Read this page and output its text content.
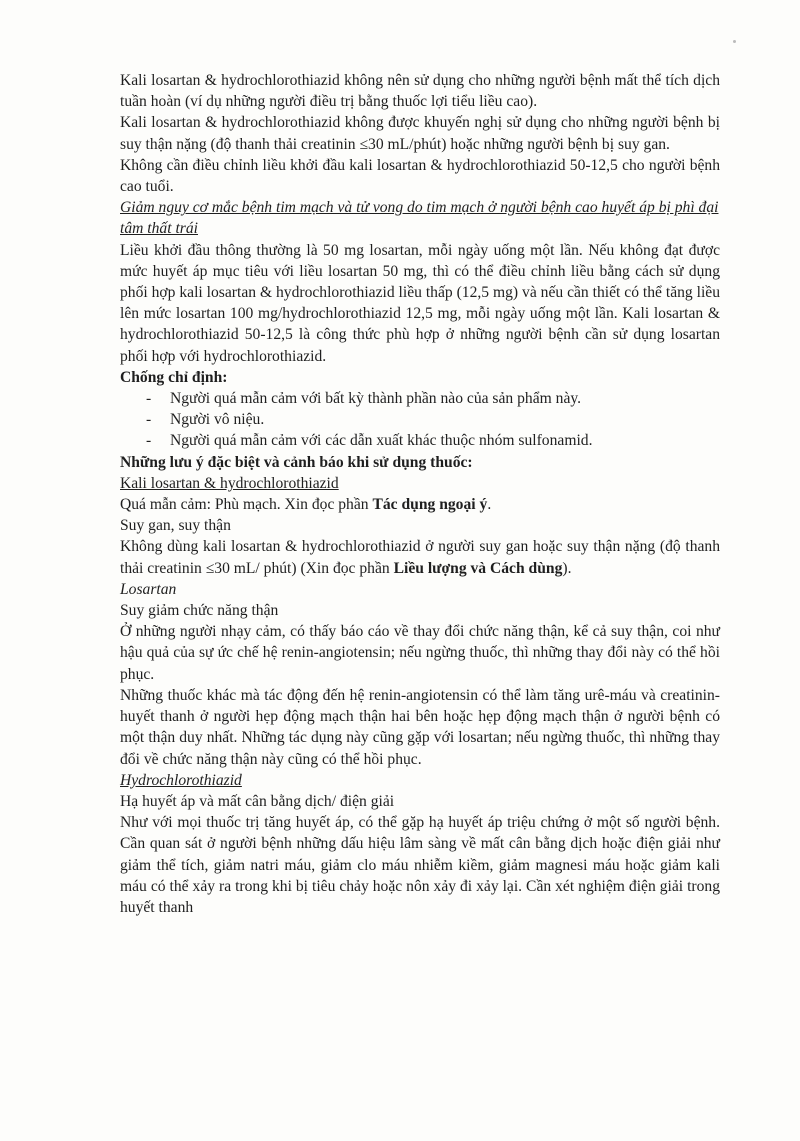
Kali losartan & hydrochlorothiazid không nên sử dụng cho những người bệnh mất thể tích dịch tuần hoàn (ví dụ những người điều trị bằng thuốc lợi tiểu liều cao).

Kali losartan & hydrochlorothiazid không được khuyến nghị sử dụng cho những người bệnh bị suy thận nặng (độ thanh thải creatinin ≤30 mL/phút) hoặc những người bệnh bị suy gan.

Không cần điều chỉnh liều khởi đầu kali losartan & hydrochlorothiazid 50-12,5 cho người bệnh cao tuổi.

Giảm nguy cơ mắc bệnh tim mạch và tử vong do tim mạch ở người bệnh cao huyết áp bị phì đại tâm thất trái

Liều khởi đầu thông thường là 50 mg losartan, mỗi ngày uống một lần. Nếu không đạt được mức huyết áp mục tiêu với liều losartan 50 mg, thì có thể điều chỉnh liều bằng cách sử dụng phối hợp kali losartan & hydrochlorothiazid liều thấp (12,5 mg) và nếu cần thiết có thể tăng liều lên mức losartan 100 mg/hydrochlorothiazid 12,5 mg, mỗi ngày uống một lần. Kali losartan & hydrochlorothiazid 50-12,5 là công thức phù hợp ở những người bệnh cần sử dụng losartan phối hợp với hydrochlorothiazid.

Chống chỉ định:

- Người quá mẫn cảm với bất kỳ thành phần nào của sản phẩm này.
- Người vô niệu.
- Người quá mẫn cảm với các dẫn xuất khác thuộc nhóm sulfonamid.

Những lưu ý đặc biệt và cảnh báo khi sử dụng thuốc:

Kali losartan & hydrochlorothiazid

Quá mẫn cảm: Phù mạch. Xin đọc phần Tác dụng ngoại ý.

Suy gan, suy thận

Không dùng kali losartan & hydrochlorothiazid ở người suy gan hoặc suy thận nặng (độ thanh thải creatinin ≤30 mL/ phút) (Xin đọc phần Liều lượng và Cách dùng).

Losartan

Suy giảm chức năng thận

Ở những người nhạy cảm, có thấy báo cáo về thay đổi chức năng thận, kể cả suy thận, coi như hậu quả của sự ức chế hệ renin-angiotensin; nếu ngừng thuốc, thì những thay đổi này có thể hồi phục.

Những thuốc khác mà tác động đến hệ renin-angiotensin có thể làm tăng urê-máu và creatinin-huyết thanh ở người hẹp động mạch thận hai bên hoặc hẹp động mạch thận ở người bệnh có một thận duy nhất. Những tác dụng này cũng gặp với losartan; nếu ngừng thuốc, thì những thay đổi về chức năng thận này cũng có thể hồi phục.

Hydrochlorothiazid

Hạ huyết áp và mất cân bằng dịch/ điện giải

Như với mọi thuốc trị tăng huyết áp, có thể gặp hạ huyết áp triệu chứng ở một số người bệnh. Cần quan sát ở người bệnh những dấu hiệu lâm sàng về mất cân bằng dịch hoặc điện giải như giảm thể tích, giảm natri máu, giảm clo máu nhiễm kiềm, giảm magnesi máu hoặc giảm kali máu có thể xảy ra trong khi bị tiêu chảy hoặc nôn xảy đi xảy lại. Cần xét nghiệm điện giải trong huyết thanh
